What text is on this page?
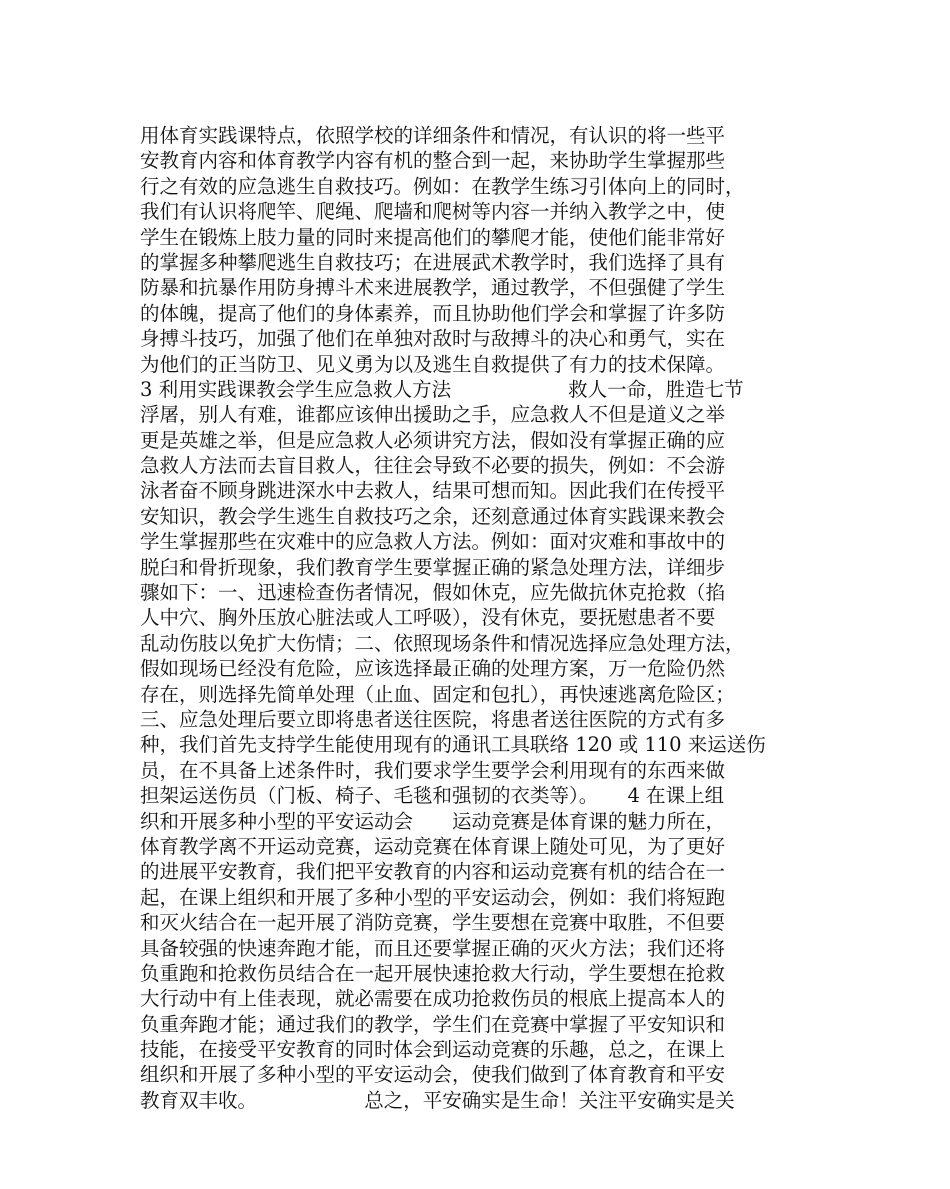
用体育实践课特点，依照学校的详细条件和情况，有认识的将一些平
安教育内容和体育教学内容有机的整合到一起，来协助学生掌握那些
行之有效的应急逃生自救技巧。例如：在教学生练习引体向上的同时，
我们有认识将爬竿、爬绳、爬墙和爬树等内容一并纳入教学之中，使
学生在锻炼上肢力量的同时来提高他们的攀爬才能，使他们能非常好
的掌握多种攀爬逃生自救技巧；在进展武术教学时，我们选择了具有
防暴和抗暴作用防身搏斗术来进展教学，通过教学，不但强健了学生
的体魄，提高了他们的身体素养，而且协助他们学会和掌握了许多防
身搏斗技巧，加强了他们在单独对敌时与敌搏斗的决心和勇气，实在
为他们的正当防卫、见义勇为以及逃生自救提供了有力的技术保障。
3 利用实践课教会学生应急救人方法　　　　　　救人一命，胜造七节
浮屠，别人有难，谁都应该伸出援助之手，应急救人不但是道义之举
更是英雄之举，但是应急救人必须讲究方法，假如没有掌握正确的应
急救人方法而去盲目救人，往往会导致不必要的损失，例如：不会游
泳者奋不顾身跳进深水中去救人，结果可想而知。因此我们在传授平
安知识，教会学生逃生自救技巧之余，还刻意通过体育实践课来教会
学生掌握那些在灾难中的应急救人方法。例如：面对灾难和事故中的
脱臼和骨折现象，我们教育学生要掌握正确的紧急处理方法，详细步
骤如下：一、迅速检查伤者情况，假如休克，应先做抗休克抢救（掐
人中穴、胸外压放心脏法或人工呼吸），没有休克，要抚慰患者不要
乱动伤肢以免扩大伤情；二、依照现场条件和情况选择应急处理方法，
假如现场已经没有危险，应该选择最正确的处理方案，万一危险仍然
存在，则选择先简单处理（止血、固定和包扎），再快速逃离危险区；
三、应急处理后要立即将患者送往医院，将患者送往医院的方式有多
种，我们首先支持学生能使用现有的通讯工具联络 120 或 110 来运送伤
员，在不具备上述条件时，我们要求学生要学会利用现有的东西来做
担架运送伤员（门板、椅子、毛毯和强韧的衣类等）。　　4 在课上组
织和开展多种小型的平安运动会　　运动竞赛是体育课的魅力所在，
体育教学离不开运动竞赛，运动竞赛在体育课上随处可见，为了更好
的进展平安教育，我们把平安教育的内容和运动竞赛有机的结合在一
起，在课上组织和开展了多种小型的平安运动会，例如：我们将短跑
和灭火结合在一起开展了消防竞赛，学生要想在竞赛中取胜，不但要
具备较强的快速奔跑才能，而且还要掌握正确的灭火方法；我们还将
负重跑和抢救伤员结合在一起开展快速抢救大行动，学生要想在抢救
大行动中有上佳表现，就必需要在成功抢救伤员的根底上提高本人的
负重奔跑才能；通过我们的教学，学生们在竞赛中掌握了平安知识和
技能，在接受平安教育的同时体会到运动竞赛的乐趣，总之，在课上
组织和开展了多种小型的平安运动会，使我们做到了体育教育和平安
教育双丰收。　　　　　　总之，平安确实是生命！关注平安确实是关
